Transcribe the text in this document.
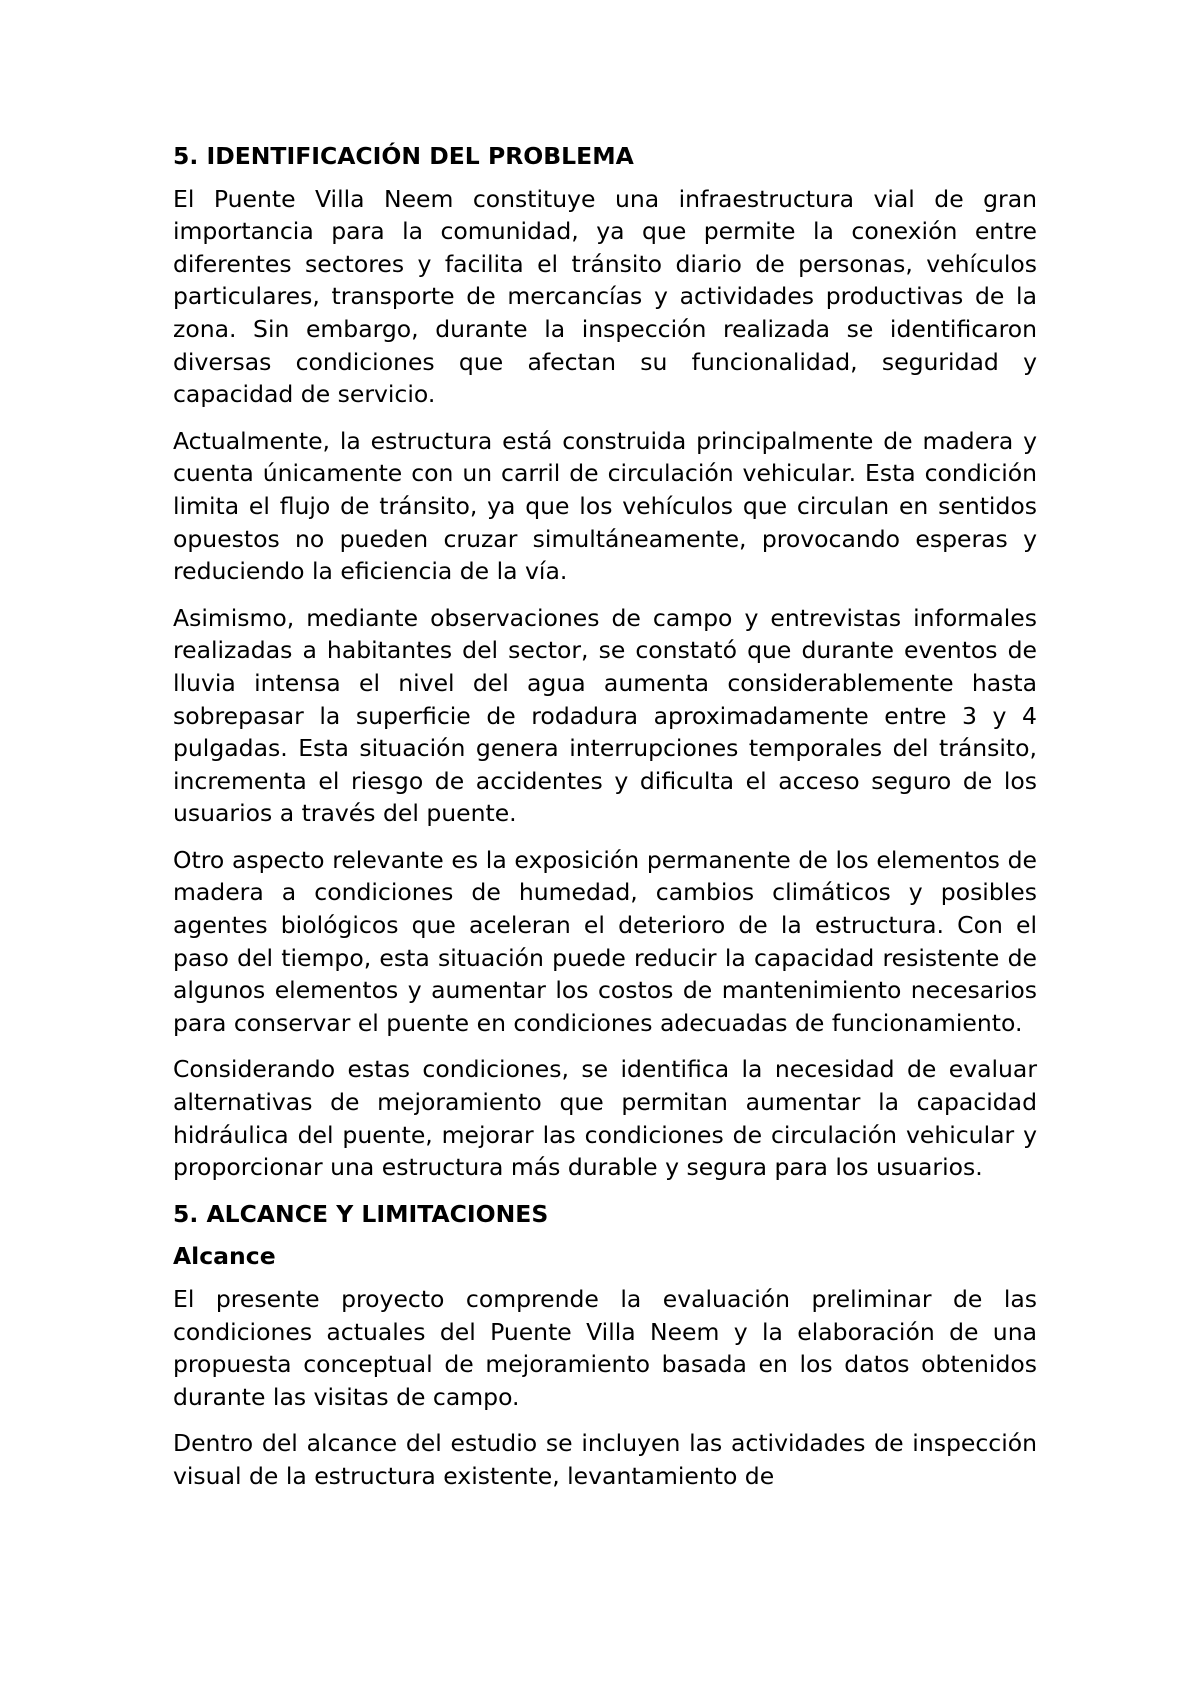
5. IDENTIFICACIÓN DEL PROBLEMA

El Puente Villa Neem constituye una infraestructura vial de gran importancia para la comunidad, ya que permite la conexión entre diferentes sectores y facilita el tránsito diario de personas, vehículos particulares, transporte de mercancías y actividades productivas de la zona. Sin embargo, durante la inspección realizada se identificaron diversas condiciones que afectan su funcionalidad, seguridad y capacidad de servicio.

Actualmente, la estructura está construida principalmente de madera y cuenta únicamente con un carril de circulación vehicular. Esta condición limita el flujo de tránsito, ya que los vehículos que circulan en sentidos opuestos no pueden cruzar simultáneamente, provocando esperas y reduciendo la eficiencia de la vía.

Asimismo, mediante observaciones de campo y entrevistas informales realizadas a habitantes del sector, se constató que durante eventos de lluvia intensa el nivel del agua aumenta considerablemente hasta sobrepasar la superficie de rodadura aproximadamente entre 3 y 4 pulgadas. Esta situación genera interrupciones temporales del tránsito, incrementa el riesgo de accidentes y dificulta el acceso seguro de los usuarios a través del puente.

Otro aspecto relevante es la exposición permanente de los elementos de madera a condiciones de humedad, cambios climáticos y posibles agentes biológicos que aceleran el deterioro de la estructura. Con el paso del tiempo, esta situación puede reducir la capacidad resistente de algunos elementos y aumentar los costos de mantenimiento necesarios para conservar el puente en condiciones adecuadas de funcionamiento.

Considerando estas condiciones, se identifica la necesidad de evaluar alternativas de mejoramiento que permitan aumentar la capacidad hidráulica del puente, mejorar las condiciones de circulación vehicular y proporcionar una estructura más durable y segura para los usuarios.

5. ALCANCE Y LIMITACIONES
Alcance

El presente proyecto comprende la evaluación preliminar de las condiciones actuales del Puente Villa Neem y la elaboración de una propuesta conceptual de mejoramiento basada en los datos obtenidos durante las visitas de campo.

Dentro del alcance del estudio se incluyen las actividades de inspección visual de la estructura existente, levantamiento de
